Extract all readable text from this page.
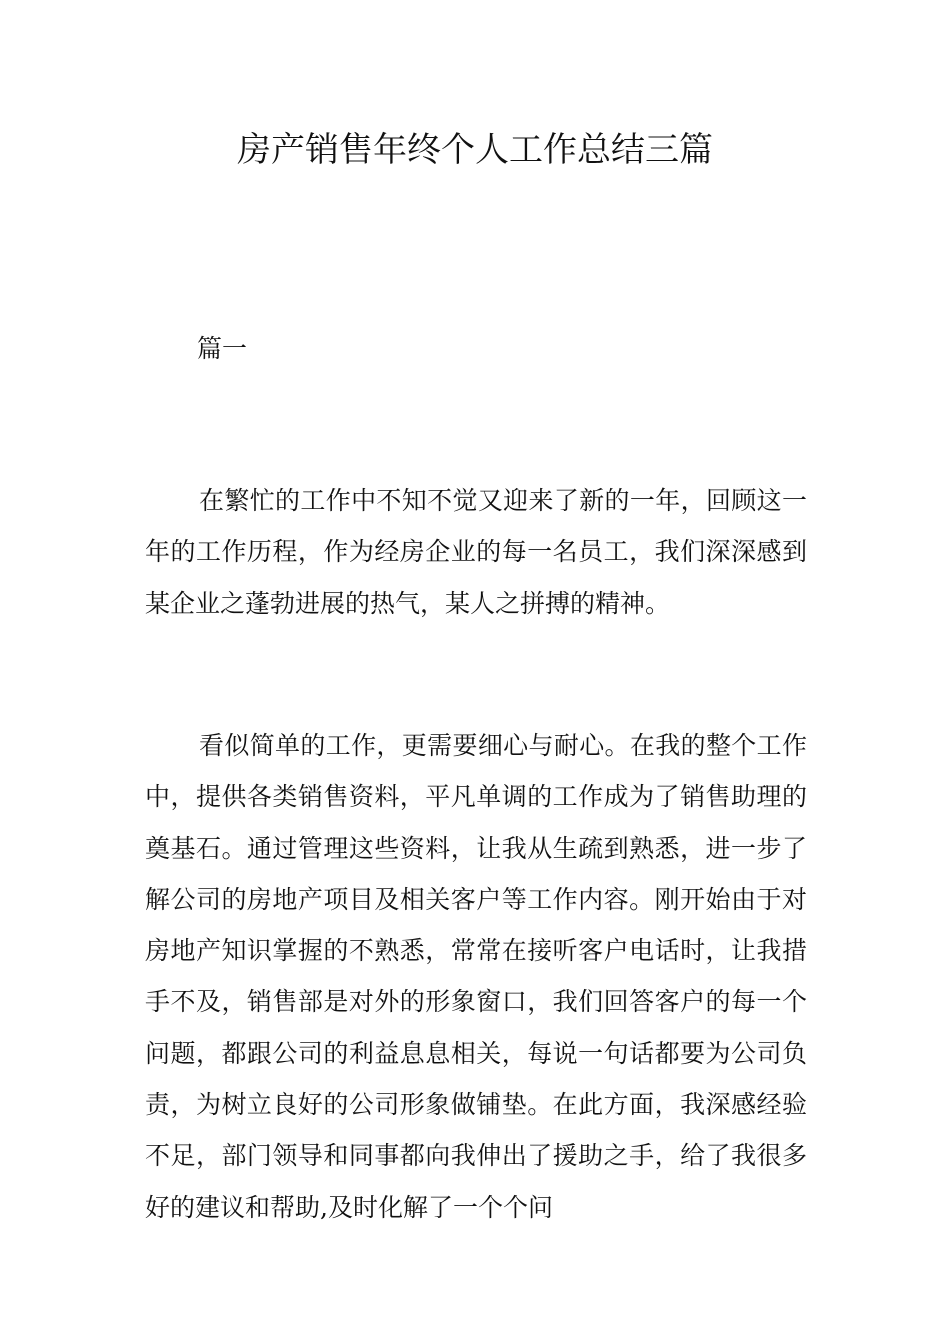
房产销售年终个人工作总结三篇

篇一

在繁忙的工作中不知不觉又迎来了新的一年，回顾这一年的工作历程，作为经房企业的每一名员工，我们深深感到某企业之蓬勃进展的热气，某人之拼搏的精神。

看似简单的工作，更需要细心与耐心。在我的整个工作中，提供各类销售资料，平凡单调的工作成为了销售助理的奠基石。通过管理这些资料，让我从生疏到熟悉，进一步了解公司的房地产项目及相关客户等工作内容。刚开始由于对房地产知识掌握的不熟悉，常常在接听客户电话时，让我措手不及，销售部是对外的形象窗口，我们回答客户的每一个问题，都跟公司的利益息息相关，每说一句话都要为公司负责，为树立良好的公司形象做铺垫。在此方面，我深感经验不足，部门领导和同事都向我伸出了援助之手，给了我很多好的建议和帮助,及时化解了一个个问
